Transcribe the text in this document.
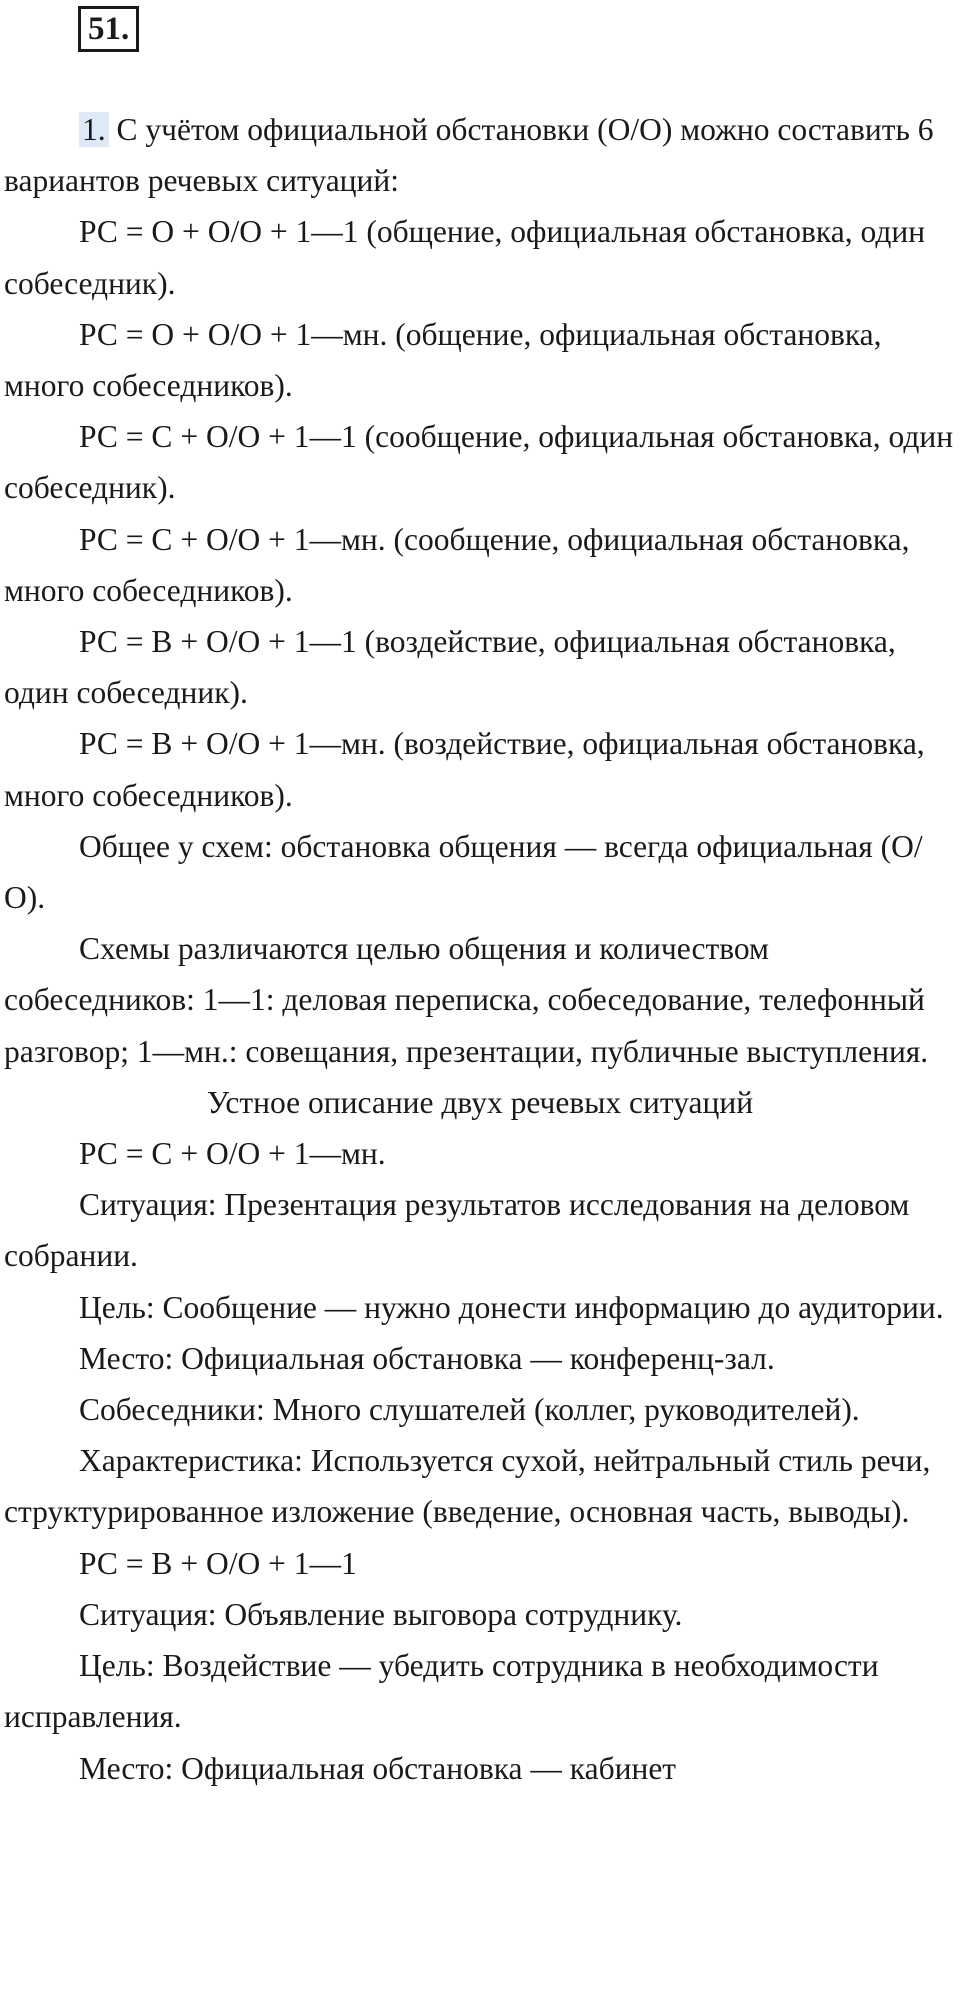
51.

1. С учётом официальной обстановки (О/О) можно составить 6 вариантов речевых ситуаций:

РС = О + О/О + 1—1 (общение, официальная обстановка, один собеседник).

РС = О + О/О + 1—мн. (общение, официальная обстановка, много собеседников).

РС = С + О/О + 1—1 (сообщение, официальная обстановка, один собеседник).

РС = С + О/О + 1—мн. (сообщение, официальная обстановка, много собеседников).

РС = В + О/О + 1—1 (воздействие, официальная обстановка, один собеседник).

РС = В + О/О + 1—мн. (воздействие, официальная обстановка, много собеседников).

Общее у схем: обстановка общения — всегда официальная (О/О).

Схемы различаются целью общения и количеством собеседников: 1—1: деловая переписка, собеседование, телефонный разговор; 1—мн.: совещания, презентации, публичные выступления.

Устное описание двух речевых ситуаций

РС = С + О/О + 1—мн.

Ситуация: Презентация результатов исследования на деловом собрании.

Цель: Сообщение — нужно донести информацию до аудитории.

Место: Официальная обстановка — конференц-зал.

Собеседники: Много слушателей (коллег, руководителей).

Характеристика: Используется сухой, нейтральный стиль речи, структурированное изложение (введение, основная часть, выводы).

РС = В + О/О + 1—1

Ситуация: Объявление выговора сотруднику.

Цель: Воздействие — убедить сотрудника в необходимости исправления.

Место: Официальная обстановка — кабинет
